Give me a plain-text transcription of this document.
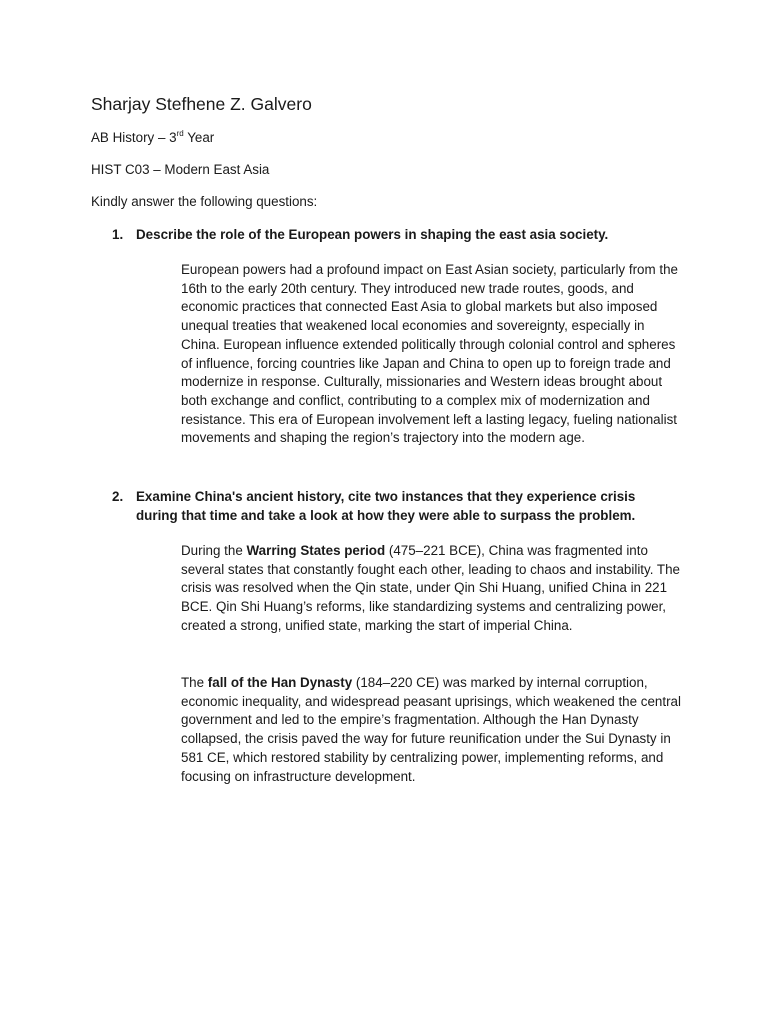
Sharjay Stefhene Z. Galvero
AB History – 3rd Year
HIST C03 – Modern East Asia
Kindly answer the following questions:
1. Describe the role of the European powers in shaping the east asia society.

European powers had a profound impact on East Asian society, particularly from the 16th to the early 20th century. They introduced new trade routes, goods, and economic practices that connected East Asia to global markets but also imposed unequal treaties that weakened local economies and sovereignty, especially in China. European influence extended politically through colonial control and spheres of influence, forcing countries like Japan and China to open up to foreign trade and modernize in response. Culturally, missionaries and Western ideas brought about both exchange and conflict, contributing to a complex mix of modernization and resistance. This era of European involvement left a lasting legacy, fueling nationalist movements and shaping the region’s trajectory into the modern age.

2. Examine China's ancient history, cite two instances that they experience crisis during that time and take a look at how they were able to surpass the problem.

During the Warring States period (475–221 BCE), China was fragmented into several states that constantly fought each other, leading to chaos and instability. The crisis was resolved when the Qin state, under Qin Shi Huang, unified China in 221 BCE. Qin Shi Huang’s reforms, like standardizing systems and centralizing power, created a strong, unified state, marking the start of imperial China.

The fall of the Han Dynasty (184–220 CE) was marked by internal corruption, economic inequality, and widespread peasant uprisings, which weakened the central government and led to the empire’s fragmentation. Although the Han Dynasty collapsed, the crisis paved the way for future reunification under the Sui Dynasty in 581 CE, which restored stability by centralizing power, implementing reforms, and focusing on infrastructure development.
